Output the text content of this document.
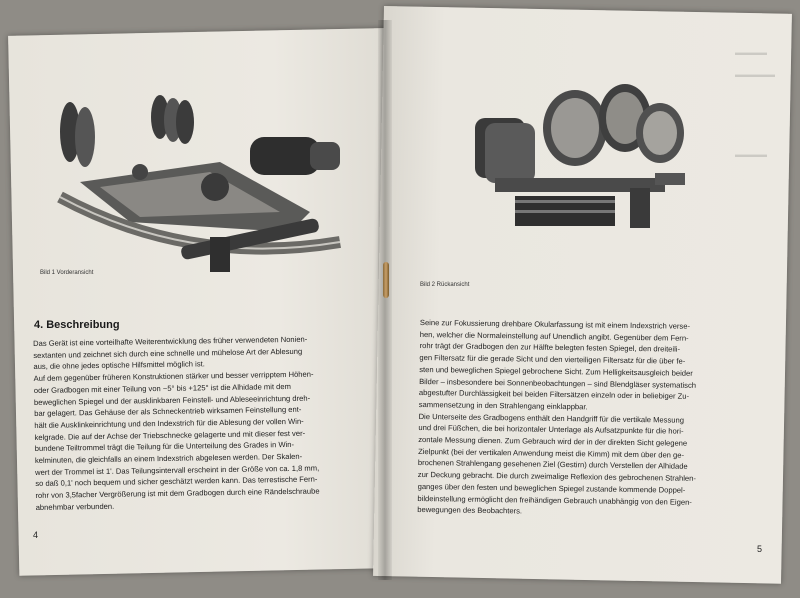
▬▬▬▬
▬▬▬▬▬
▬▬▬▬
Bild 1 Vorderansicht
Bild 2 Rückansicht
4. Beschreibung
Das Gerät ist eine vorteilhafte Weiterentwicklung des früher verwendeten Nonien-
sextanten und zeichnet sich durch eine schnelle und mühelose Art der Ablesung
aus, die ohne jedes optische Hilfsmittel möglich ist.
Auf dem gegenüber früheren Konstruktionen stärker und besser verripptem Höhen-
oder Gradbogen mit einer Teilung von −5° bis +125° ist die Alhidade mit dem
beweglichen Spiegel und der ausklinkbaren Feinstell- und Ableseeinrichtung dreh-
bar gelagert. Das Gehäuse der als Schneckentrieb wirksamen Feinstellung ent-
hält die Ausklinkeinrichtung und den Indexstrich für die Ablesung der vollen Win-
kelgrade. Die auf der Achse der Triebschnecke gelagerte und mit dieser fest ver-
bundene Teiltrommel trägt die Teilung für die Unterteilung des Grades in Win-
kelminuten, die gleichfalls an einem Indexstrich abgelesen werden. Der Skalen-
wert der Trommel ist 1'. Das Teilungsintervall erscheint in der Größe von ca. 1,8 mm,
so daß 0,1' noch bequem und sicher geschätzt werden kann. Das terrestische Fern-
rohr von 3,5facher Vergrößerung ist mit dem Gradbogen durch eine Rändelschraube
abnehmbar verbunden.
4
Seine zur Fokussierung drehbare Okularfassung ist mit einem Indexstrich verse-
hen, welcher die Normaleinstellung auf Unendlich angibt. Gegenüber dem Fern-
rohr trägt der Gradbogen den zur Hälfte belegten festen Spiegel, den dreiteili-
gen Filtersatz für die gerade Sicht und den vierteiligen Filtersatz für die über fe-
sten und beweglichen Spiegel gebrochene Sicht. Zum Helligkeitsausgleich beider
Bilder – insbesondere bei Sonnenbeobachtungen – sind Blendgläser systematisch
abgestufter Durchlässigkeit bei beiden Filtersätzen einzeln oder in beliebiger Zu-
sammensetzung in den Strahlengang einklappbar.
Die Unterseite des Gradbogens enthält den Handgriff für die vertikale Messung
und drei Füßchen, die bei horizontaler Unterlage als Aufsatzpunkte für die hori-
zontale Messung dienen. Zum Gebrauch wird der in der direkten Sicht gelegene
Zielpunkt (bei der vertikalen Anwendung meist die Kimm) mit dem über den ge-
brochenen Strahlengang gesehenen Ziel (Gestirn) durch Verstellen der Alhidade
zur Deckung gebracht. Die durch zweimalige Reflexion des gebrochenen Strahlen-
ganges über den festen und beweglichen Spiegel zustande kommende Doppel-
bildeinstellung ermöglicht den freihändigen Gebrauch unabhängig von den Eigen-
bewegungen des Beobachters.
5
